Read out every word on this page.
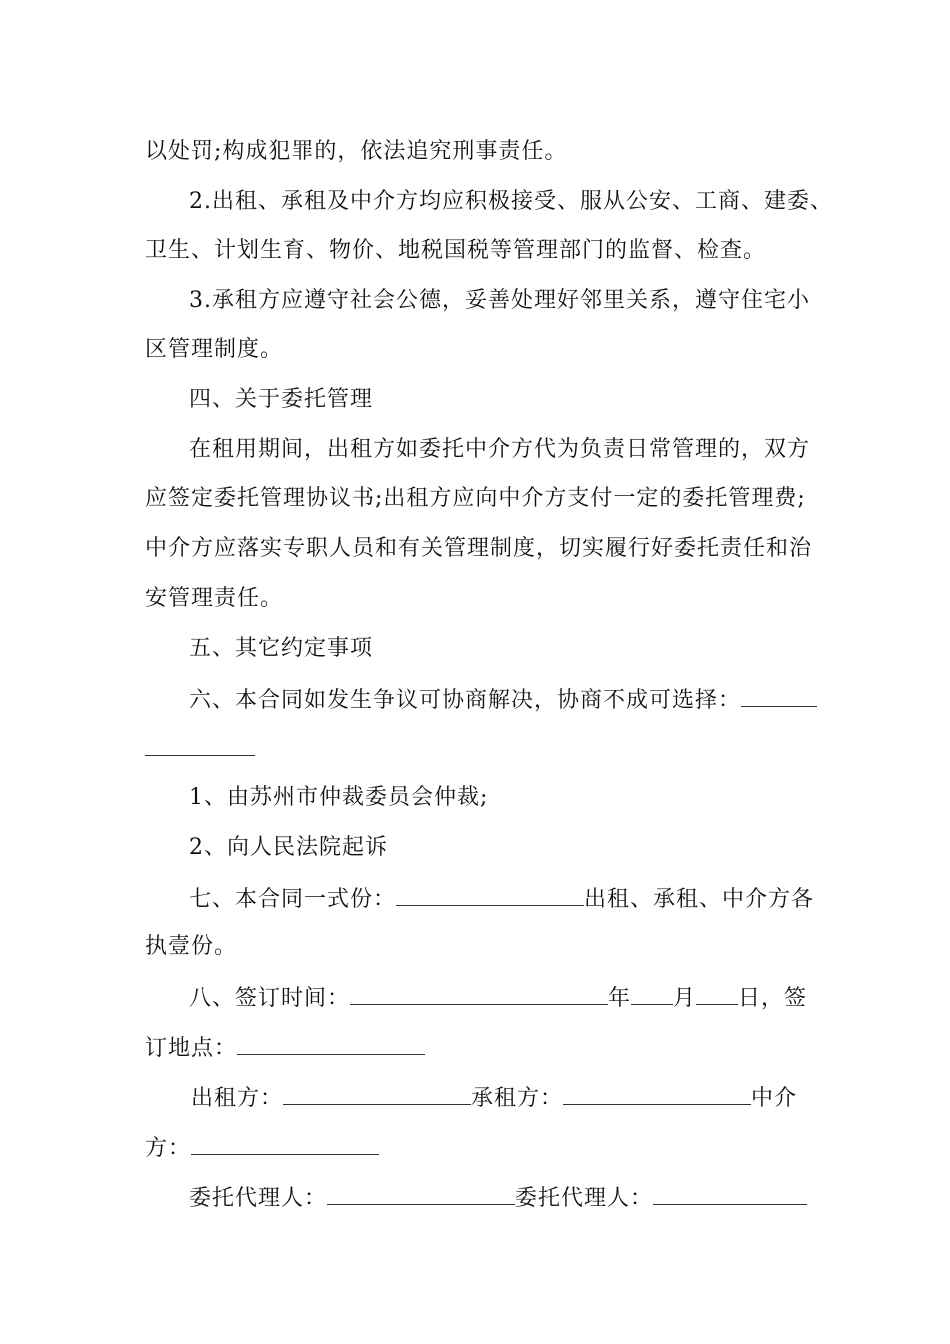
以处罚;构成犯罪的，依法追究刑事责任。
2.出租、承租及中介方均应积极接受、服从公安、工商、建委、
卫生、计划生育、物价、地税国税等管理部门的监督、检查。
3.承租方应遵守社会公德，妥善处理好邻里关系，遵守住宅小
区管理制度。
四、关于委托管理
在租用期间，出租方如委托中介方代为负责日常管理的，双方
应签定委托管理协议书;出租方应向中介方支付一定的委托管理费;
中介方应落实专职人员和有关管理制度，切实履行好委托责任和治
安管理责任。
五、其它约定事项
六、本合同如发生争议可协商解决，协商不成可选择：
1、由苏州市仲裁委员会仲裁;
2、向人民法院起诉
七、本合同一式份：	出租、承租、中介方各
执壹份。
八、签订时间：	年 月 日，签
订地点：
出租方：	承租方：	中介
方：
委托代理人：	委托代理人：
